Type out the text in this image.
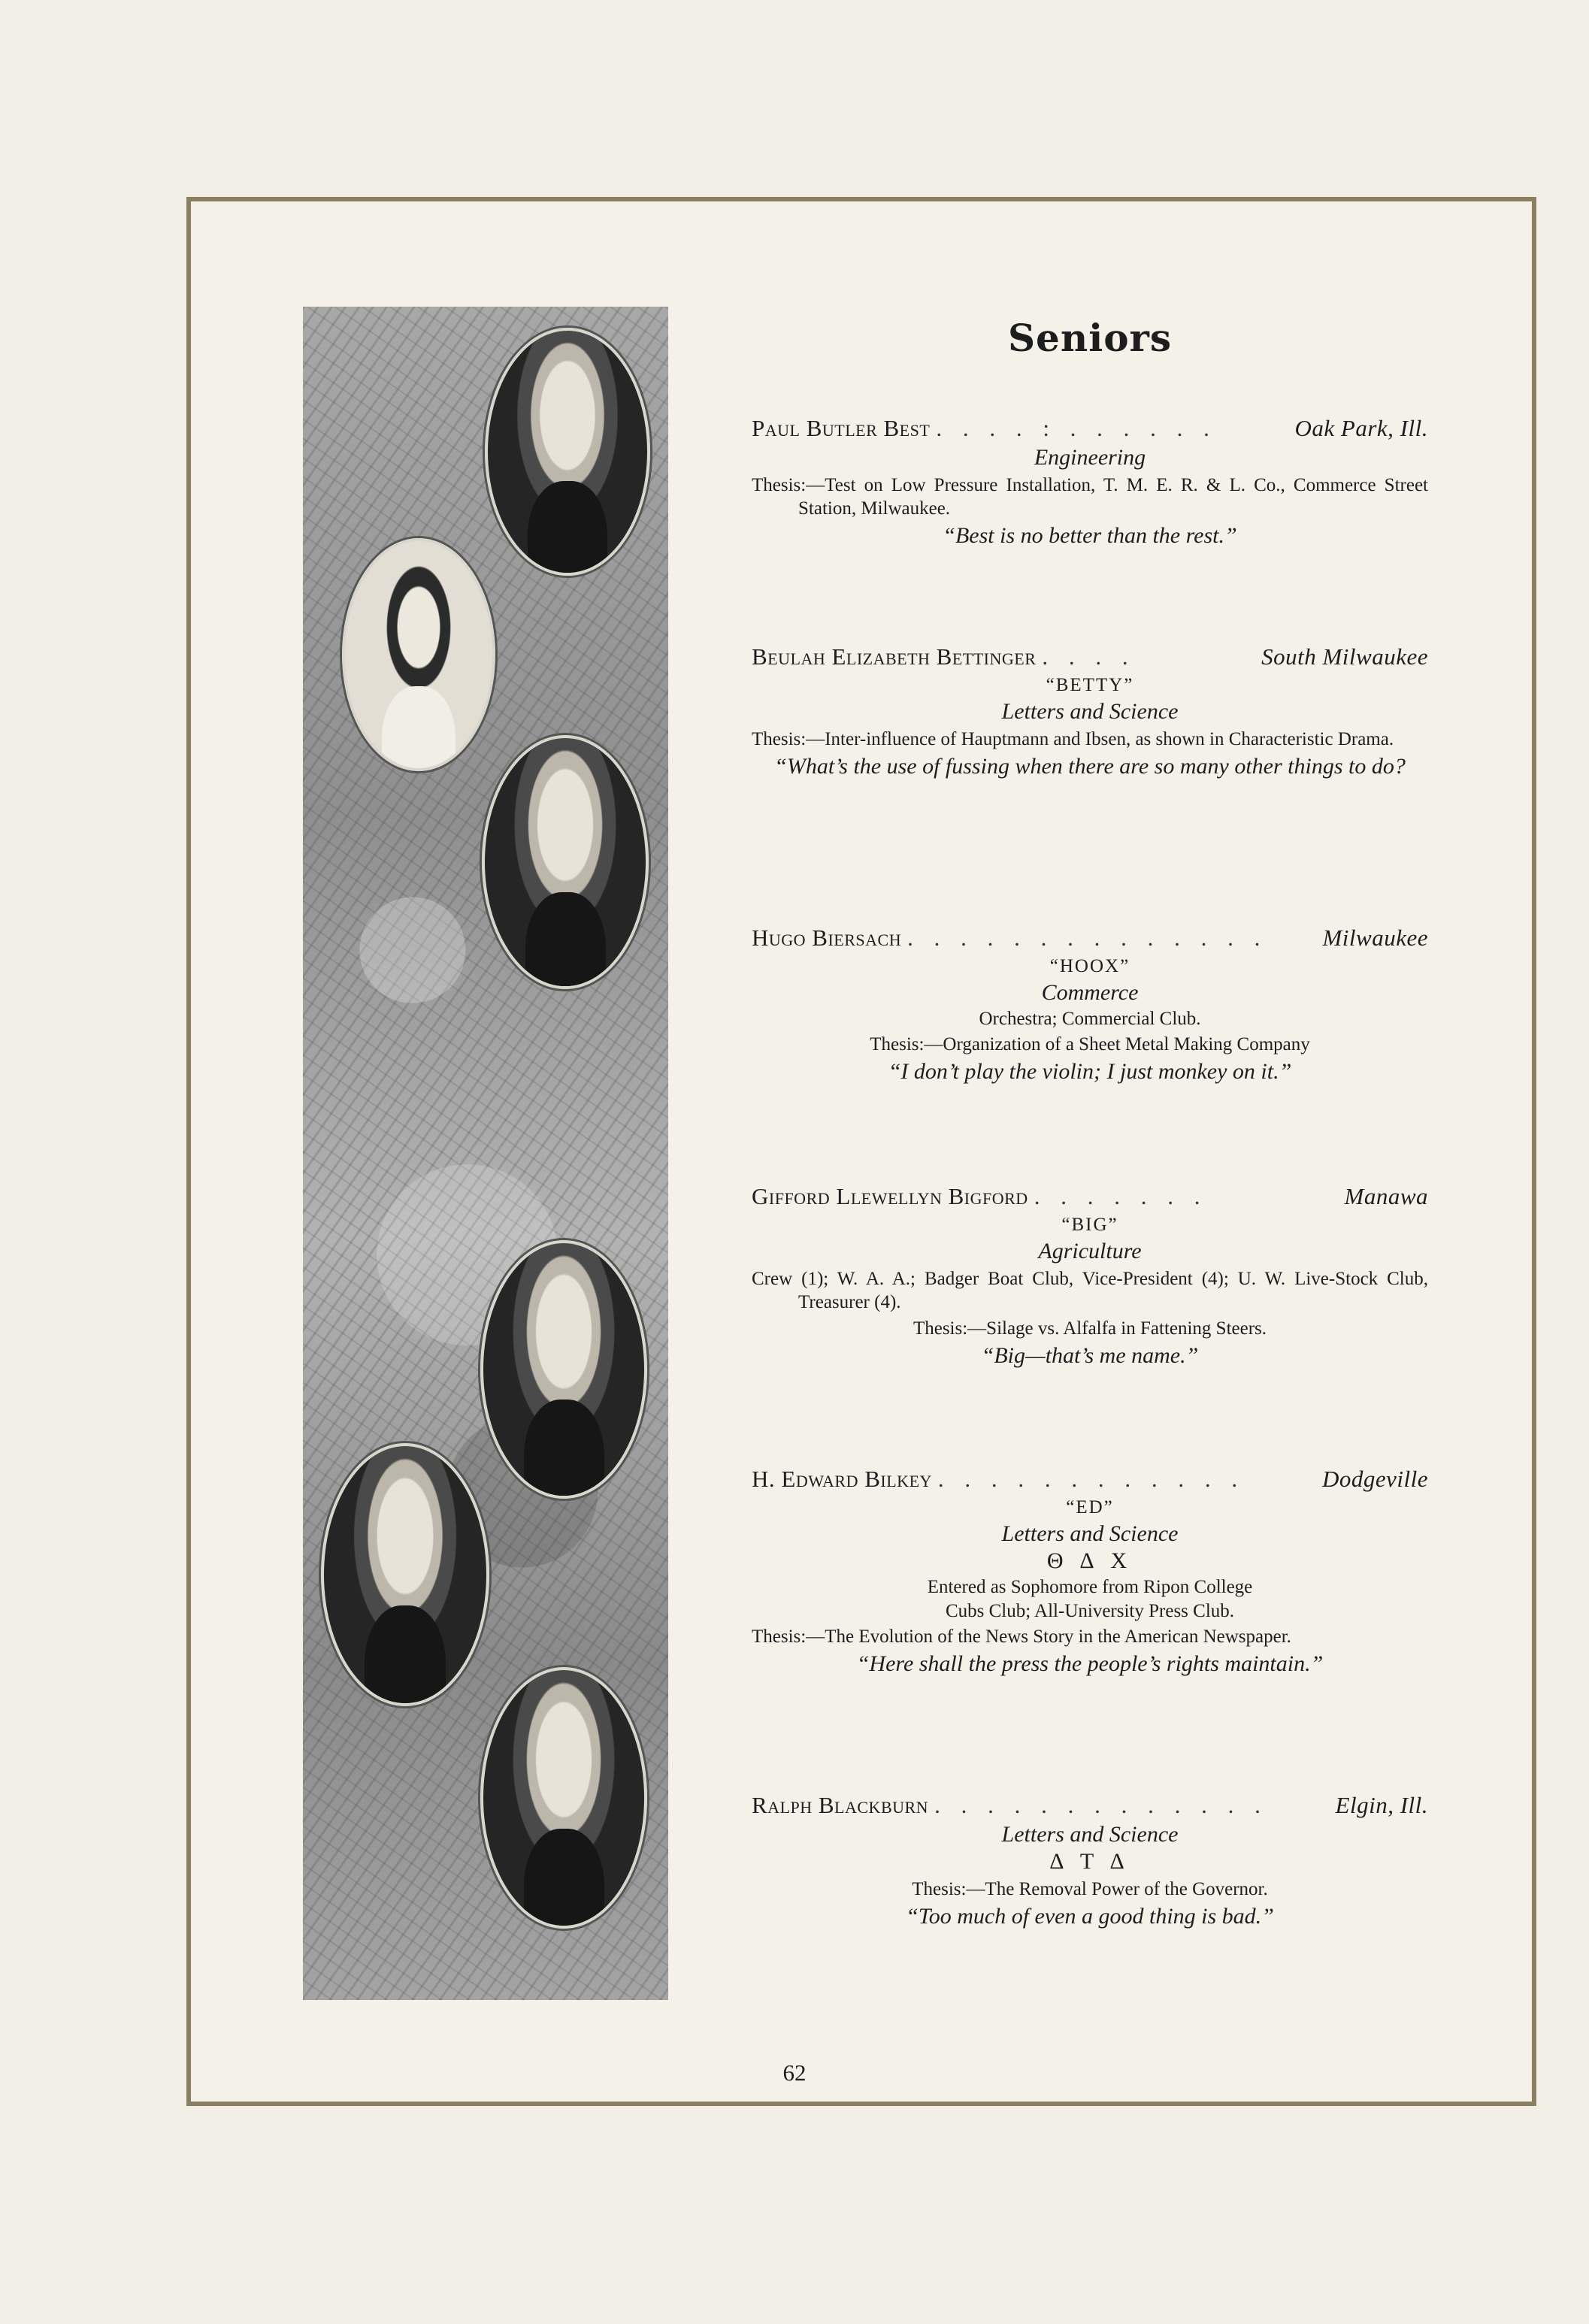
Seniors
Paul Butler Best . . . . : . . . . . .	Oak Park, Ill.
Engineering
Thesis:—Test on Low Pressure Installation, T. M. E. R. & L. Co., Commerce Street Station, Milwaukee.
“Best is no better than the rest.”
Beulah Elizabeth Bettinger . . . .	South Milwaukee
“BETTY”
Letters and Science
Thesis:—Inter-influence of Hauptmann and Ibsen, as shown in Characteristic Drama.
“What’s the use of fussing when there are so many other things to do?
Hugo Biersach . . . . . . . . . . . . . .	Milwaukee
“HOOX”
Commerce
Orchestra; Commercial Club.
Thesis:—Organization of a Sheet Metal Making Company
“I don’t play the violin; I just monkey on it.”
Gifford Llewellyn Bigford . . . . . . .	Manawa
“BIG”
Agriculture
Crew (1); W. A. A.; Badger Boat Club, Vice-President (4); U. W. Live-Stock Club, Treasurer (4).
Thesis:—Silage vs. Alfalfa in Fattening Steers.
“Big—that’s me name.”
H. Edward Bilkey . . . . . . . . . . . .	Dodgeville
“ED”
Letters and Science
Θ Δ Χ
Entered as Sophomore from Ripon College
Cubs Club; All-University Press Club.
Thesis:—The Evolution of the News Story in the American Newspaper.
“Here shall the press the people’s rights maintain.”
Ralph Blackburn . . . . . . . . . . . . .	Elgin, Ill.
Letters and Science
Δ Τ Δ
Thesis:—The Removal Power of the Governor.
“Too much of even a good thing is bad.”
62
